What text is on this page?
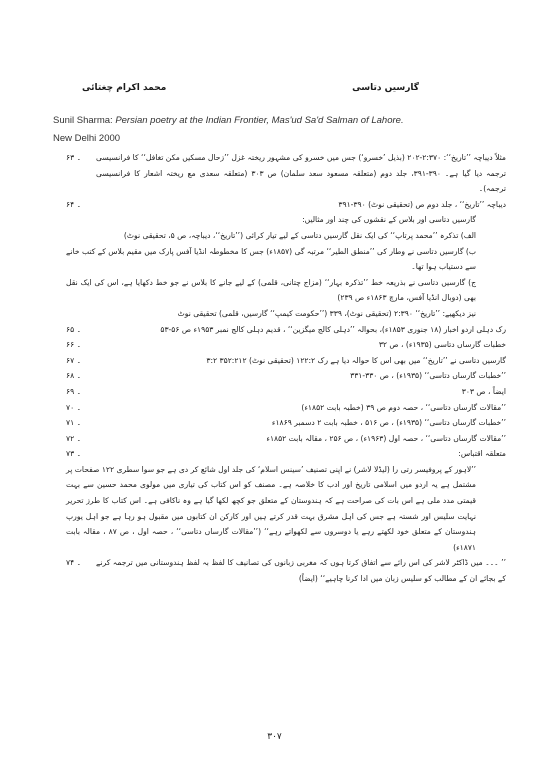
محمد اکرام چغتائی	گارسیں دتاسی
Sunil Sharma: Persian poetry at the Indian Frontier, Mas'ud Sa'd Salman of Lahore.
New Delhi 2000
مثلاً دیباچہ ’’تاریخ‘‘: ۲:۳۷۰-۲۰۲ (بذیل ’خسرو‘) جس میں خسرو کی مشہور ریختہ غزل ’’زحال مسکیں مکن تغافل‘‘ کا فرانسیسی ترجمہ دیا گیا ہے۔ ۳۹۰-۳۹۱، جلد دوم (متعلقہ مسعود سعد سلمان) ص ۳۰۳ (متعلقہ سعدی مع ریختہ اشعار کا فرانسیسی ترجمہ)۔
۶۳ ۔
دیباچہ ’’تاریخ‘‘ ، جلد دوم ص (تحقیقی نوٹ) ۳۹۰-۳۹۱
۶۴ ۔
گارسیں دتاسی اور بلاس کے نقشوں کی چند اور مثالیں:
الف) تذکرہ ’’محمد پرتاپ‘‘ کی ایک نقل گارسیں دتاسی کے لیے تیار کرائی (’’تاریخ‘‘، دیباچہ، ص ۵، تحقیقی نوٹ)
ب) گارسیں دتاسی نے وطار کی ’’منطق الطیر‘‘ مرتبہ گی (۱۸۵۷ء) جس کا مخطوطہ انڈیا آفس پارک میں مقیم بلاس کے کتب خانے سے دستیاب ہوا تھا۔
ج) گارسیں دتاسی نے بذریعہ خط ’’تذکرہ بہار‘‘ (مزاج چتانی، قلمی) کے لیے جانے کا بلاس نے جو خط دکھایا ہے، اس کی ایک نقل بھی (دوبال انڈیا آفس، مارچ ۱۸۶۳ء ص ۲۳۹)
نیز دیکھیے: ’’تاریخ‘‘ ۲:۳۹۰ (تحقیقی نوٹ)، ۳۳۹ (’’حکومت کیمپ‘‘ گارسیں، قلمی) تحقیقی نوٹ
رک دہلی اردو اخبار (۱۸ جنوری ۱۸۵۳ء)، بحوالہ ’’دہلی کالج میگزین‘‘ ، قدیم دہلی کالج نمبر ۱۹۵۳ء ص ۵۶-۵۳
۶۵ ۔
خطبات گارساں دتاسی (۱۹۳۵ء) ، ص ۳۲
۶۶ ۔
گارسیں دتاسی نے ’’تاریخ‘‘ میں بھی اس کا حوالہ دیا ہے رک ۱۲۲:۲ (تحقیقی نوٹ) ۳۵۲:۲۱۲ ۳:۲
۶۷ ۔
’’خطبات گارساں دتاسی‘‘ (۱۹۳۵ء) ، ص ۳۳۰-۳۳۱
۶۸ ۔
ایضاً ، ص ۳۰۳
۶۹ ۔
’’مقالات گارساں دتاسی‘‘ ، حصہ دوم ص ۳۹ (خطبہ بابت ۱۸۵۲ء)
۷۰ ۔
’’خطبات گارساں دتاسی‘‘ (۱۹۳۵ء) ، ص ۵۱۶ ، خطبہ بابت ۲ دسمبر ۱۸۶۹ء
۷۱ ۔
’’مقالات گارساں دتاسی‘‘ ، حصہ اول (۱۹۶۳ء) ، ص ۲۵۶ ، مقالہ بابت ۱۸۵۲ء
۷۲ ۔
متعلقہ اقتباس:
۷۳ ۔
’’لاہور کے پروفیسر رتی را (لیڈلا لاشر) نے اپنی تصنیف ’سینس اسلام‘ کی جلد اول شائع کر دی ہے جو سوا سطری ۱۲۲ صفحات پر مشتمل ہے یہ اردو میں اسلامی تاریخ اور ادب کا خلاصہ ہے۔ مصنف کو اس کتاب کی تیاری میں مولوی محمد حسین سے بہت قیمتی مدد ملی ہے اس بات کی صراحت ہے کہ ہندوستان کے متعلق جو کچھ لکھا گیا ہے وہ ناکافی ہے۔ اس کتاب کا طرز تحریر نہایت سلیس اور شستہ ہے جس کی اہل مشرق بہت قدر کرتے ہیں اور کارکن ان کتابوں میں مقبول ہو رہا ہے جو اہل یورپ ہندوستان کے متعلق خود لکھتے رہے یا دوسروں سے لکھواتے رہے‘‘ (’’مقالات گارساں دتاسی‘‘ ، حصہ اول ، ص ۸۷ ، مقالہ بابت ۱۸۷۱ء)
’’ ۔۔۔ میں ڈاکٹر لاشر کی اس رائے سے اتفاق کرتا ہوں کہ مغربی زبانوں کی تصانیف کا لفظ بہ لفظ ہندوستانی میں ترجمہ کرنے کے بجائے ان کے مطالب کو سلیس زبان میں ادا کرنا چاہیے‘‘ (ایضاً)
۷۴ ۔
۳۰۷
